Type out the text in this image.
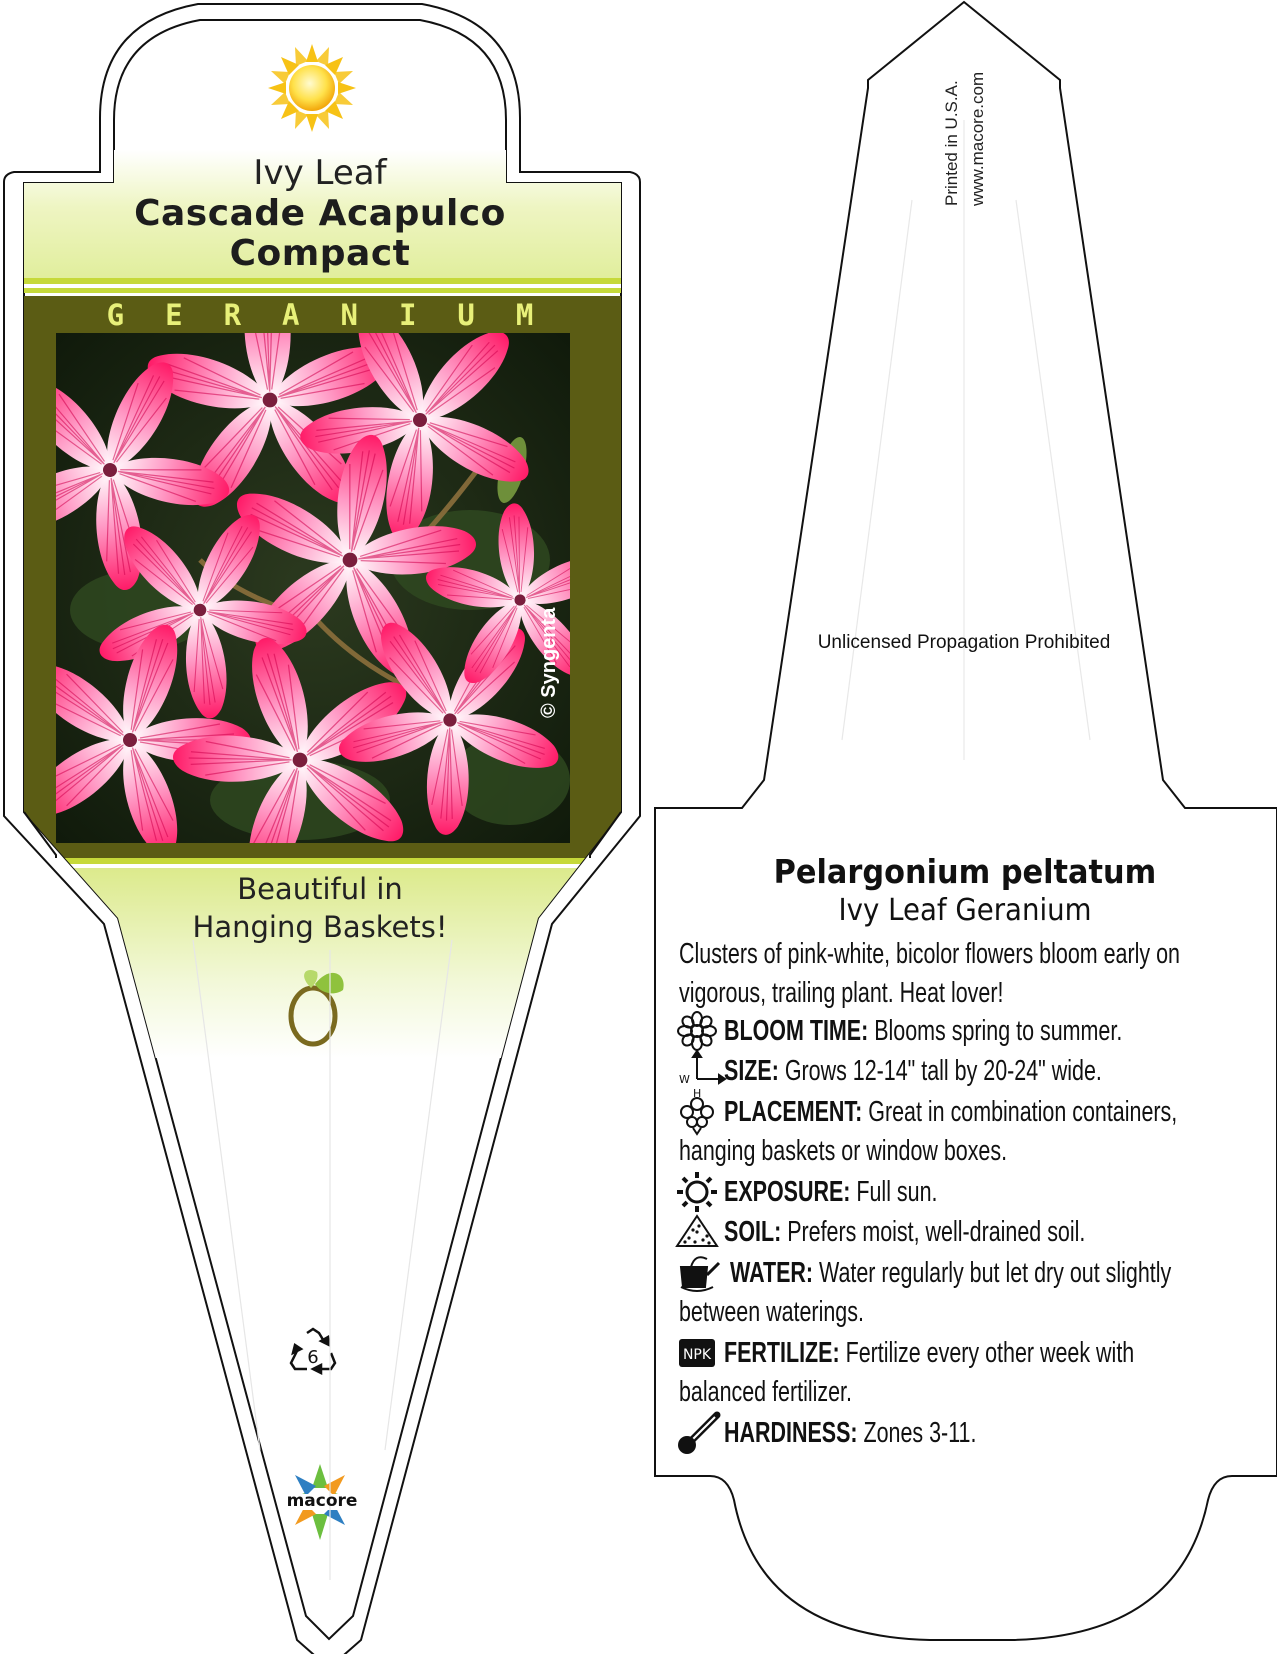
6
W
H
NPK
Ivy Leaf
Cascade Acapulco
Compact
GERANIUM
© Syngenta
Beautiful in
Hanging Baskets!
macore
Printed in U.S.A. www.macore.com
Unlicensed Propagation Prohibited
Pelargonium peltatum
Ivy Leaf Geranium
Clusters of pink-white, bicolor flowers bloom early on
vigorous, trailing plant. Heat lover!
BLOOM TIME: Blooms spring to summer.
SIZE: Grows 12-14" tall by 20-24" wide.
PLACEMENT: Great in combination containers,
hanging baskets or window boxes.
EXPOSURE: Full sun.
SOIL: Prefers moist, well-drained soil.
WATER: Water regularly but let dry out slightly
between waterings.
FERTILIZE: Fertilize every other week with
balanced fertilizer.
HARDINESS: Zones 3-11.
